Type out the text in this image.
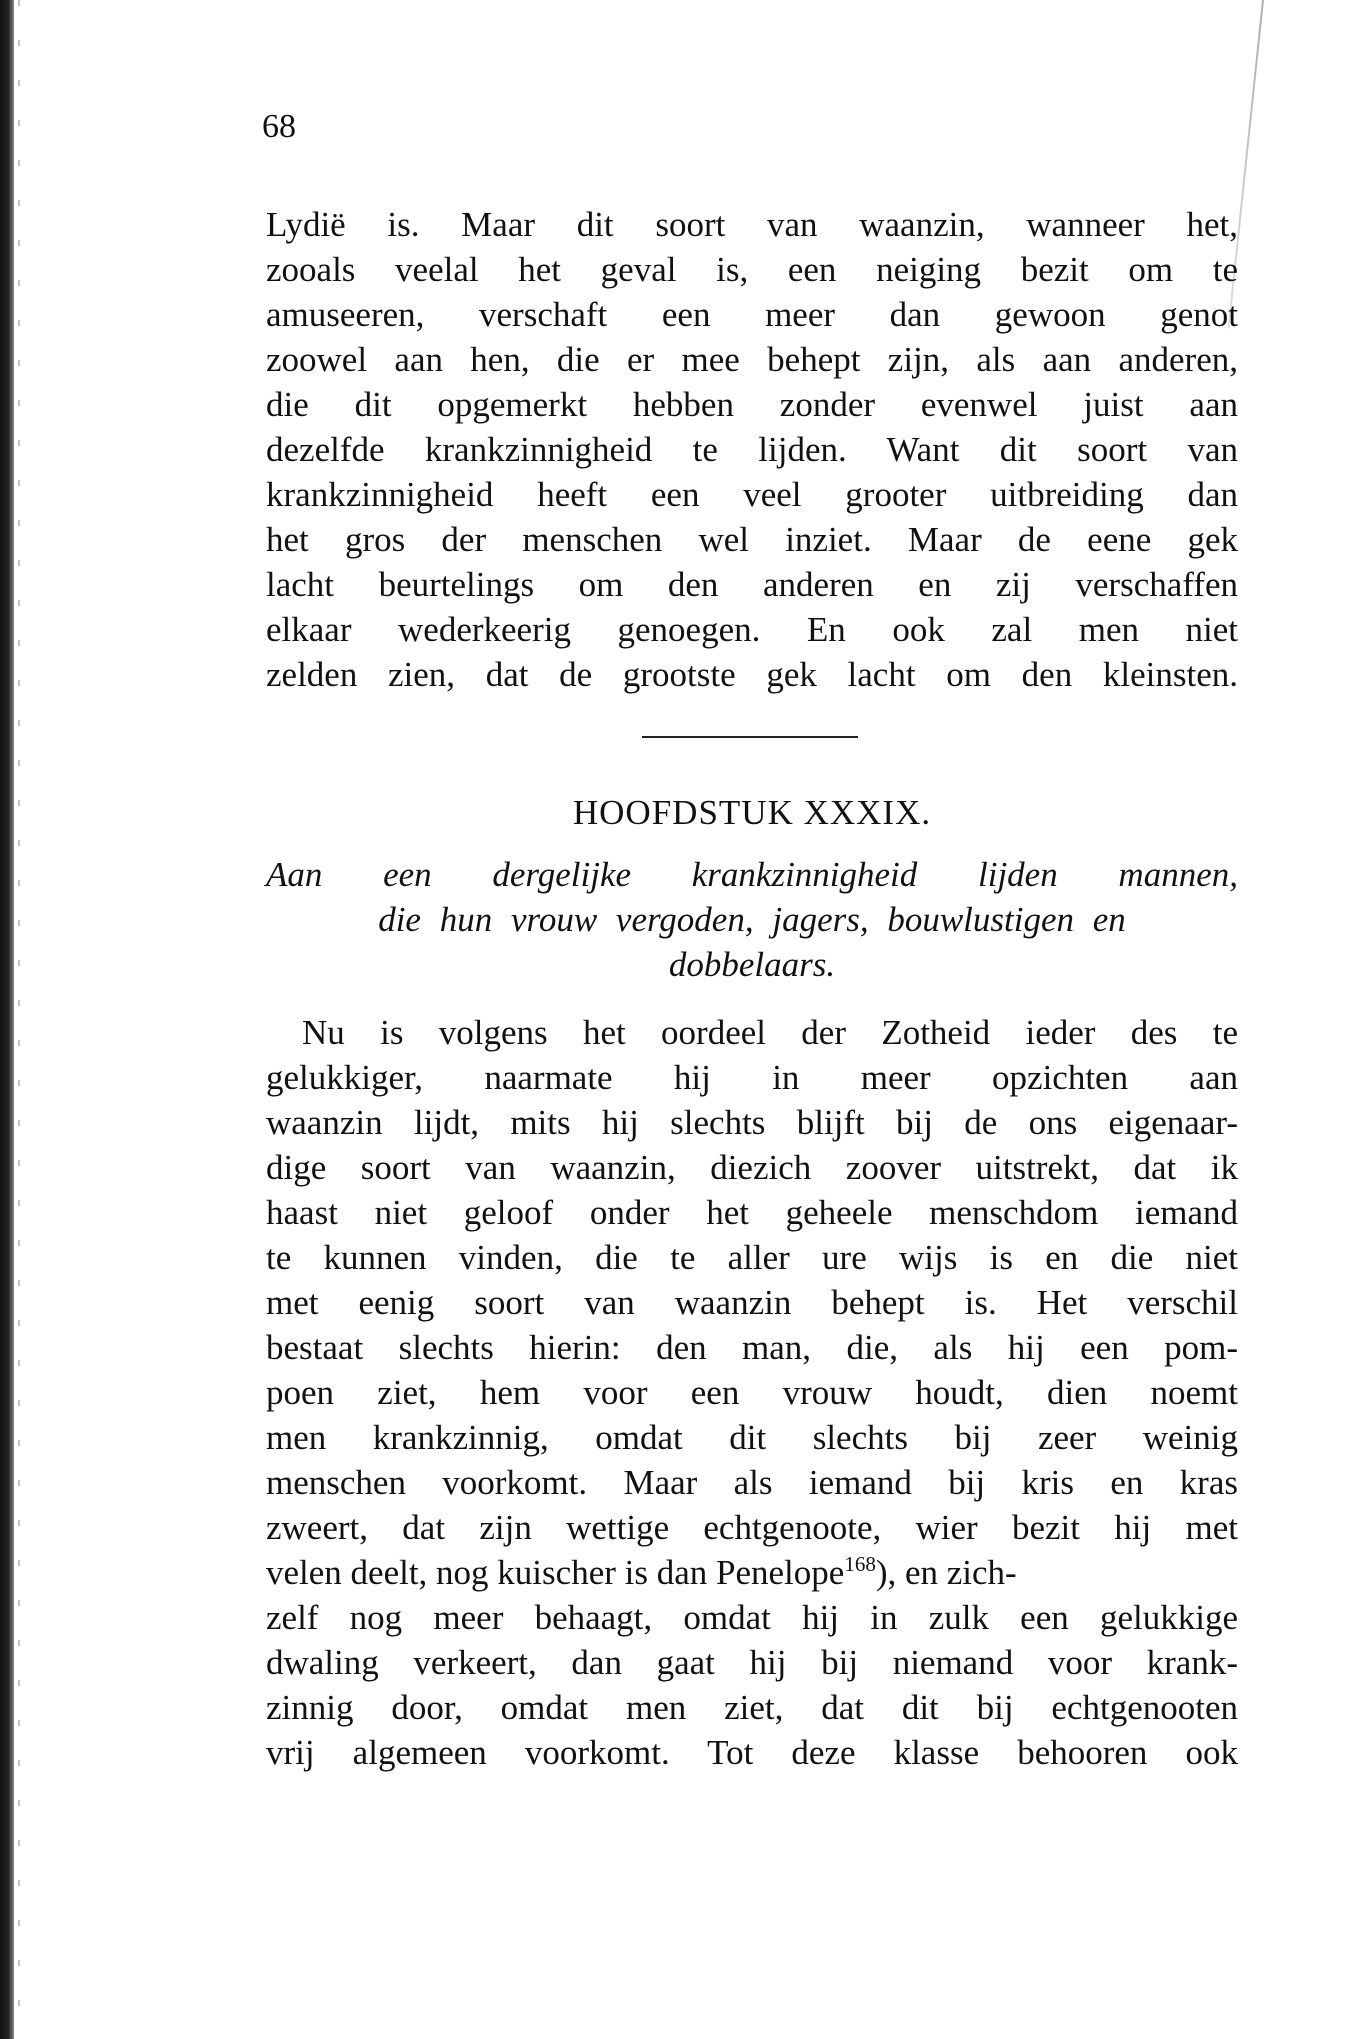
68
Lydië is. Maar dit soort van waanzin, wanneer het,
zooals veelal het geval is, een neiging bezit om te
amuseeren, verschaft een meer dan gewoon genot
zoowel aan hen, die er mee behept zijn, als aan anderen,
die dit opgemerkt hebben zonder evenwel juist aan
dezelfde krankzinnigheid te lijden. Want dit soort van
krankzinnigheid heeft een veel grooter uitbreiding dan
het gros der menschen wel inziet. Maar de eene gek
lacht beurtelings om den anderen en zij verschaffen
elkaar wederkeerig genoegen. En ook zal men niet
zelden zien, dat de grootste gek lacht om den kleinsten.
HOOFDSTUK XXXIX.
Aan een dergelijke krankzinnigheid lijden mannen,
die hun vrouw vergoden, jagers, bouwlustigen en
dobbelaars.
Nu is volgens het oordeel der Zotheid ieder des te
gelukkiger, naarmate hij in meer opzichten aan
waanzin lijdt, mits hij slechts blijft bij de ons eigenaar-
dige soort van waanzin, diezich zoover uitstrekt, dat ik
haast niet geloof onder het geheele menschdom iemand
te kunnen vinden, die te aller ure wijs is en die niet
met eenig soort van waanzin behept is. Het verschil
bestaat slechts hierin: den man, die, als hij een pom-
poen ziet, hem voor een vrouw houdt, dien noemt
men krankzinnig, omdat dit slechts bij zeer weinig
menschen voorkomt. Maar als iemand bij kris en kras
zweert, dat zijn wettige echtgenoote, wier bezit hij met
velen deelt, nog kuischer is dan Penelope$^{168}$), en zich-
zelf nog meer behaagt, omdat hij in zulk een gelukkige
dwaling verkeert, dan gaat hij bij niemand voor krank-
zinnig door, omdat men ziet, dat dit bij echtgenooten
vrij algemeen voorkomt. Tot deze klasse behooren ook
